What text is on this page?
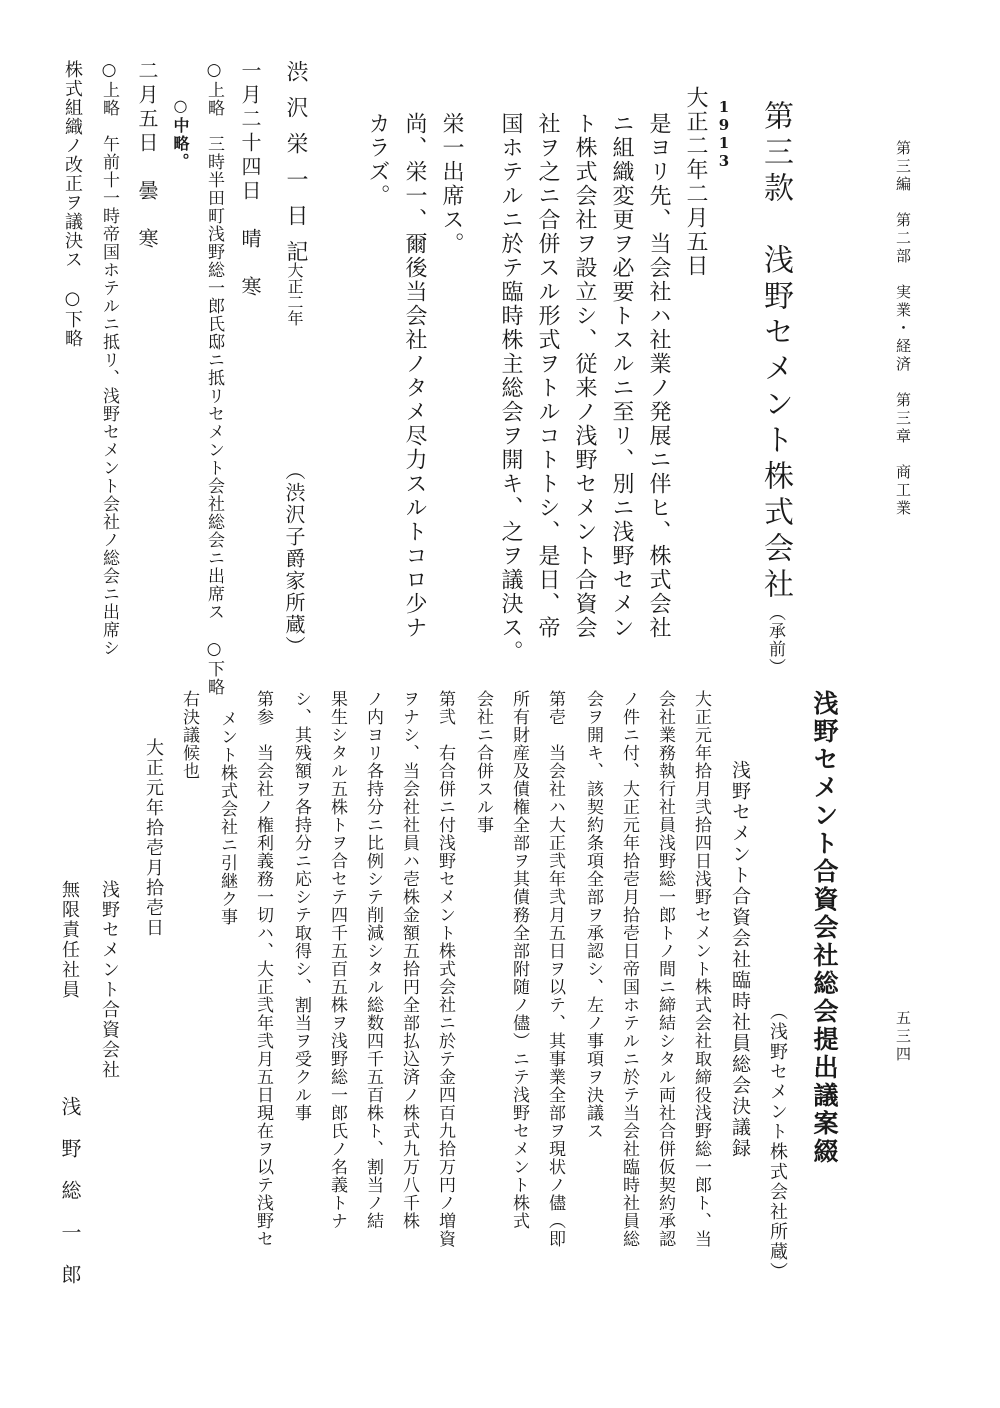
第三編　第二部　実業・経済　第三章　商工業
五三四
第三款　浅野セメント株式会社（承前）
1913
大正二年二月五日
是ヨリ先、当会社ハ社業ノ発展ニ伴ヒ、株式会社
ニ組織変更ヲ必要トスルニ至リ、別ニ浅野セメン
ト株式会社ヲ設立シ、従来ノ浅野セメント合資会
社ヲ之ニ合併スル形式ヲトルコトトシ、是日、帝
国ホテルニ於テ臨時株主総会ヲ開キ、之ヲ議決ス。
栄一出席ス。
尚、栄一、爾後当会社ノタメ尽力スルトコロ少ナ
カラズ。
渋沢栄一日記
大正二年
（渋沢子爵家所蔵）
一月二十四日　晴　寒
○上略　三時半田町浅野総一郎氏邸ニ抵リセメント会社総会ニ出席ス　○下略
○中略。
二月五日　曇　寒
○上略　午前十一時帝国ホテルニ抵リ、浅野セメント会社ノ総会ニ出席シ
株式組織ノ改正ヲ議決ス　○下略
浅野セメント合資会社総会提出議案綴
（浅野セメント株式会社所蔵）
浅野セメント合資会社臨時社員総会決議録
大正元年拾月弐拾四日浅野セメント株式会社取締役浅野総一郎ト、当
会社業務執行社員浅野総一郎トノ間ニ締結シタル両社合併仮契約承認
ノ件ニ付、大正元年拾壱月拾壱日帝国ホテルニ於テ当会社臨時社員総
会ヲ開キ、該契約条項全部ヲ承認シ、左ノ事項ヲ決議ス
第壱　当会社ハ大正弐年弐月五日ヲ以テ、其事業全部ヲ現状ノ儘（即
所有財産及債権全部ヲ其債務全部附随ノ儘）ニテ浅野セメント株式
会社ニ合併スル事
第弐　右合併ニ付浅野セメント株式会社ニ於テ金四百九拾万円ノ増資
ヲナシ、当会社社員ハ壱株金額五拾円全部払込済ノ株式九万八千株
ノ内ヨリ各持分ニ比例シテ削減シタル総数四千五百株ト、割当ノ結
果生シタル五株トヲ合セテ四千五百五株ヲ浅野総一郎氏ノ名義トナ
シ、其残額ヲ各持分ニ応シテ取得シ、割当ヲ受クル事
第参　当会社ノ権利義務一切ハ、大正弐年弐月五日現在ヲ以テ浅野セ
メント株式会社ニ引継ク事
右決議候也
大正元年拾壱月拾壱日
浅野セメント合資会社
無限責任社員
浅野総一郎
